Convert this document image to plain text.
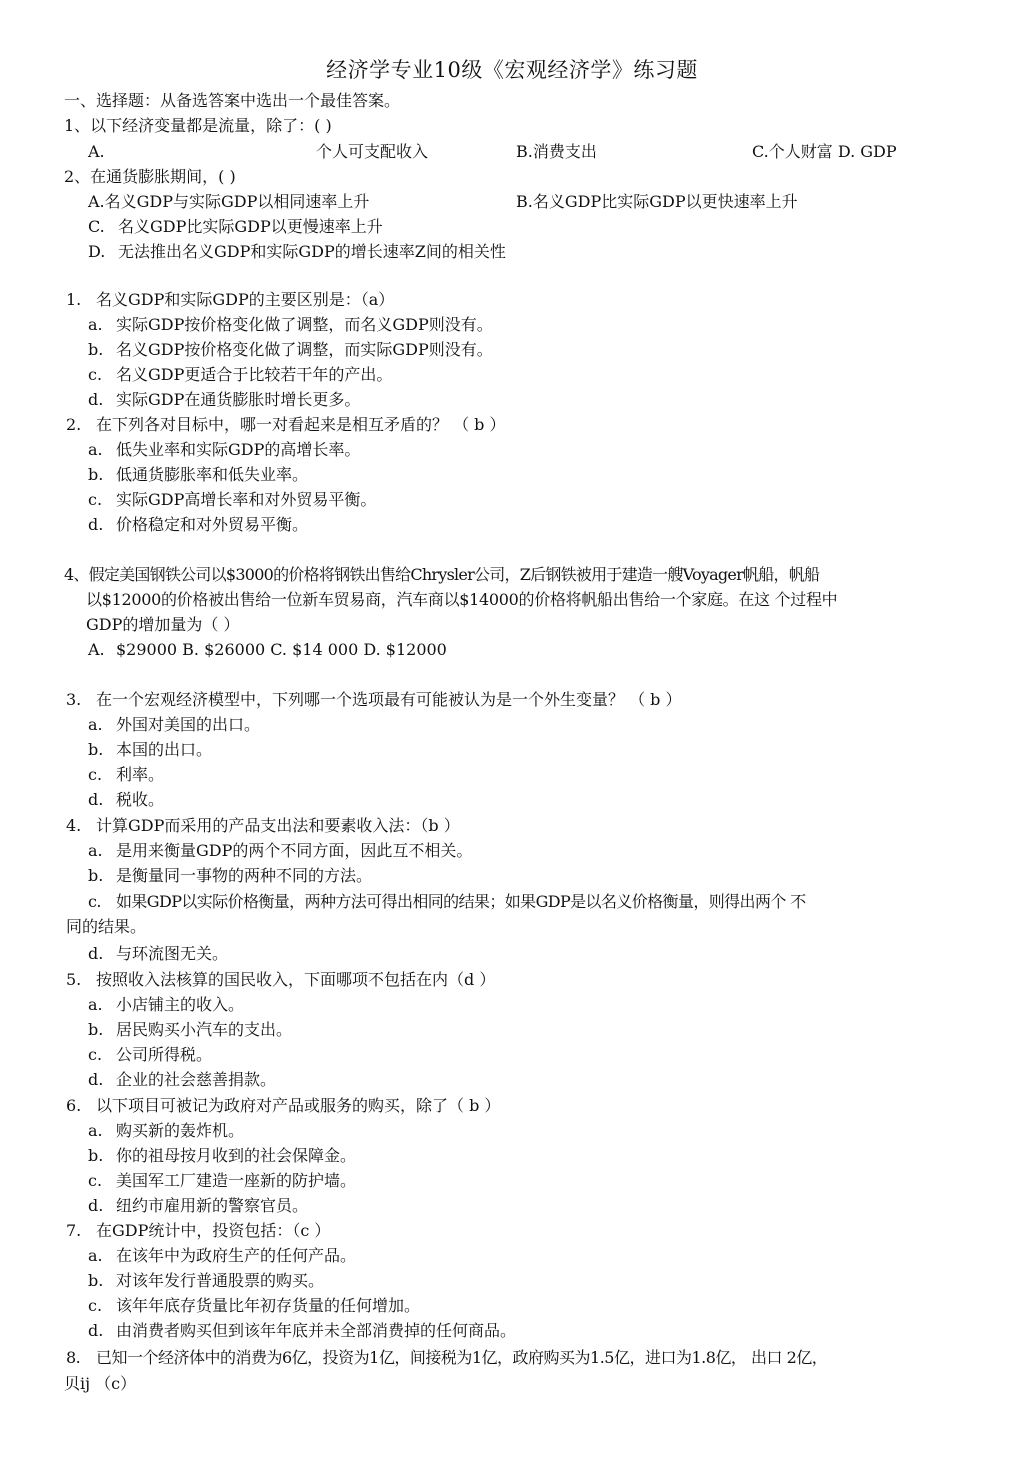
经济学专业10级《宏观经济学》练习题
一、选择题：从备选答案中选出一个最佳答案。
1、以下经济变量都是流量，除了：( )
A.	个人可支配收入	B.消费支出	C.个人财富 D. GDP
2、在通货膨胀期间，( )
A.名义GDP与实际GDP以相同速率上升	B.名义GDP比实际GDP以更快速率上升
C. 名义GDP比实际GDP以更慢速率上升
D. 无法推出名义GDP和实际GDP的增长速率Z间的相关性
1. 名义GDP和实际GDP的主要区别是：（a）
a. 实际GDP按价格变化做了调整，而名义GDP则没有。
b. 名义GDP按价格变化做了调整，而实际GDP则没有。
c. 名义GDP更适合于比较若干年的产出。
d. 实际GDP在通货膨胀时增长更多。
2. 在下列各对目标中，哪一对看起来是相互矛盾的？ （ b ）
a. 低失业率和实际GDP的高增长率。
b. 低通货膨胀率和低失业率。
c. 实际GDP高增长率和对外贸易平衡。
d. 价格稳定和对外贸易平衡。
4、假定美国钢铁公司以$3000的价格将钢铁出售给Chrysler公司，Z后钢铁被用于建造一艘Voyager帆船，帆船
以$12000的价格被出售给一位新车贸易商，汽车商以$14000的价格将帆船出售给一个家庭。在这 个过程中
GDP的增加量为（ ）
A. $29000 B. $26000 C. $14 000 D. $12000
3. 在一个宏观经济模型中，下列哪一个选项最有可能被认为是一个外生变量？ （ b ）
a. 外国对美国的出口。
b. 本国的出口。
c. 利率。
d. 税收。
4. 计算GDP而采用的产品支出法和要素收入法：（b ）
a. 是用来衡量GDP的两个不同方面，因此互不相关。
b. 是衡量同一事物的两种不同的方法。
c. 如果GDP以实际价格衡量，两种方法可得出相同的结果；如果GDP是以名义价格衡量，则得出两个 不
同的结果。
d. 与环流图无关。
5. 按照收入法核算的国民收入，下面哪项不包括在内（d ）
a. 小店铺主的收入。
b. 居民购买小汽车的支出。
c. 公司所得税。
d. 企业的社会慈善捐款。
6. 以下项目可被记为政府对产品或服务的购买，除了（ b ）
a. 购买新的轰炸机。
b. 你的祖母按月收到的社会保障金。
c. 美国军工厂建造一座新的防护墙。
d. 纽约市雇用新的警察官员。
7. 在GDP统计中，投资包括：（c ）
a. 在该年中为政府生产的任何产品。
b. 对该年发行普通股票的购买。
c. 该年年底存货量比年初存货量的任何增加。
d. 由消费者购买但到该年年底并未全部消费掉的任何商品。
8. 已知一个经济体中的消费为6亿，投资为1亿，间接税为1亿，政府购买为1.5亿，进口为1.8亿， 出口 2亿，
贝ij （c）
